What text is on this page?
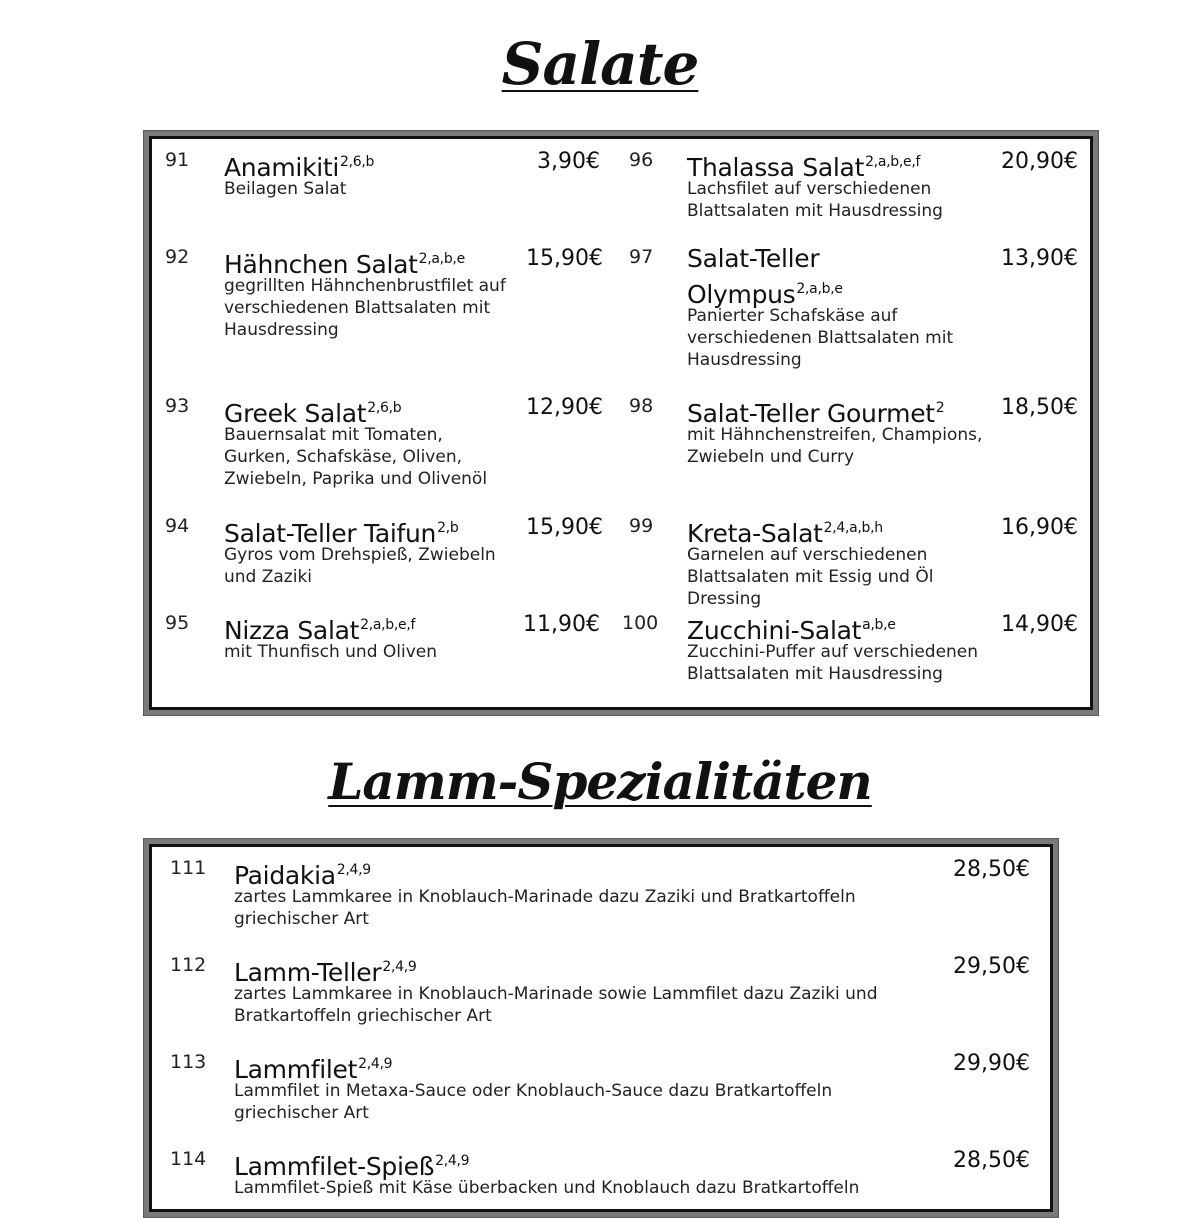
Salate
91 Anamikiti$^{2,6,b}$	3,90€
Beilagen Salat
92 Hähnchen Salat$^{2,a,b,e}$	15,90€
gegrillten Hähnchenbrustfilet auf verschiedenen Blattsalaten mit Hausdressing
93 Greek Salat$^{2,6,b}$	12,90€
Bauernsalat mit Tomaten, Gurken, Schafskäse, Oliven, Zwiebeln, Paprika und Olivenöl
94 Salat-Teller Taifun$^{2,b}$	15,90€
Gyros vom Drehspieß, Zwiebeln und Zaziki
95 Nizza Salat$^{2,a,b,e,f}$	11,90€
mit Thunfisch und Oliven
96 Thalassa Salat$^{2,a,b,e,f}$	20,90€
Lachsfilet auf verschiedenen Blattsalaten mit Hausdressing
97 Salat-Teller Olympus$^{2,a,b,e}$
13,90€
Panierter Schafskäse auf verschiedenen Blattsalaten mit Hausdressing
98 Salat-Teller Gourmet$^2$	18,50€
mit Hähnchenstreifen, Champions, Zwiebeln und Curry
99 Kreta-Salat$^{2,4,a,b,h}$	16,90€
Garnelen auf verschiedenen Blattsalaten mit Essig und Öl Dressing
100 Zucchini-Salat$^{a,b,e}$	14,90€
Zucchini-Puffer auf verschiedenen Blattsalaten mit Hausdressing
Lamm-Spezialitäten
111 Paidakia$^{2,4,9}$	28,50€
zartes Lammkaree in Knoblauch-Marinade dazu Zaziki und Bratkartoffeln griechischer Art
112 Lamm-Teller$^{2,4,9}$	29,50€
zartes Lammkaree in Knoblauch-Marinade sowie Lammfilet dazu Zaziki und Bratkartoffeln griechischer Art
113 Lammfilet$^{2,4,9}$	29,90€
Lammfilet in Metaxa-Sauce oder Knoblauch-Sauce dazu Bratkartoffeln griechischer Art
114 Lammfilet-Spieß$^{2,4,9}$	28,50€
Lammfilet-Spieß mit Käse überbacken und Knoblauch dazu Bratkartoffeln
